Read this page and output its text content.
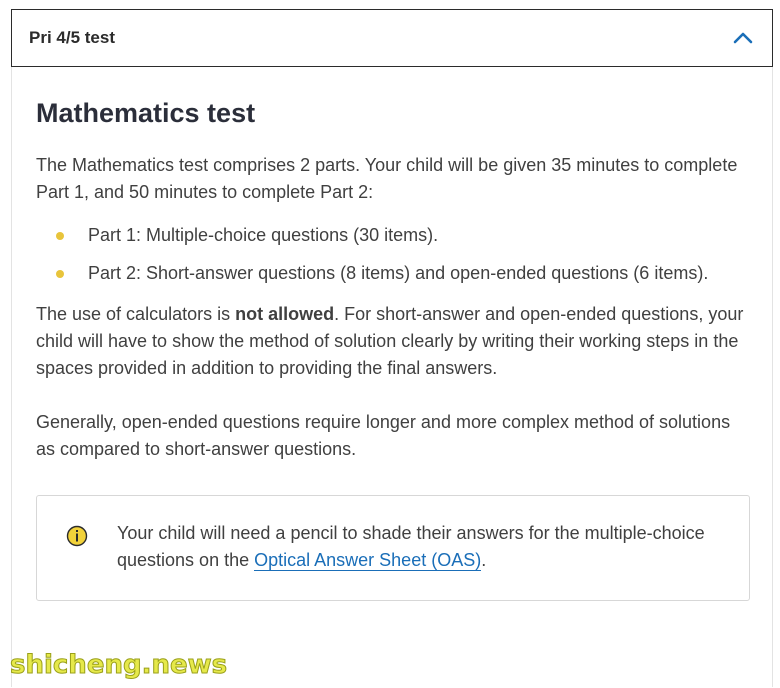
Pri 4/5 test
Mathematics test

The Mathematics test comprises 2 parts. Your child will be given 35 minutes to complete Part 1, and 50 minutes to complete Part 2:

Part 1: Multiple-choice questions (30 items).
Part 2: Short-answer questions (8 items) and open-ended questions (6 items).

The use of calculators is not allowed. For short-answer and open-ended questions, your child will have to show the method of solution clearly by writing their working steps in the spaces provided in addition to providing the final answers.

Generally, open-ended questions require longer and more complex method of solutions as compared to short-answer questions.

Your child will need a pencil to shade their answers for the multiple-choice questions on the Optical Answer Sheet (OAS).
shicheng.news
